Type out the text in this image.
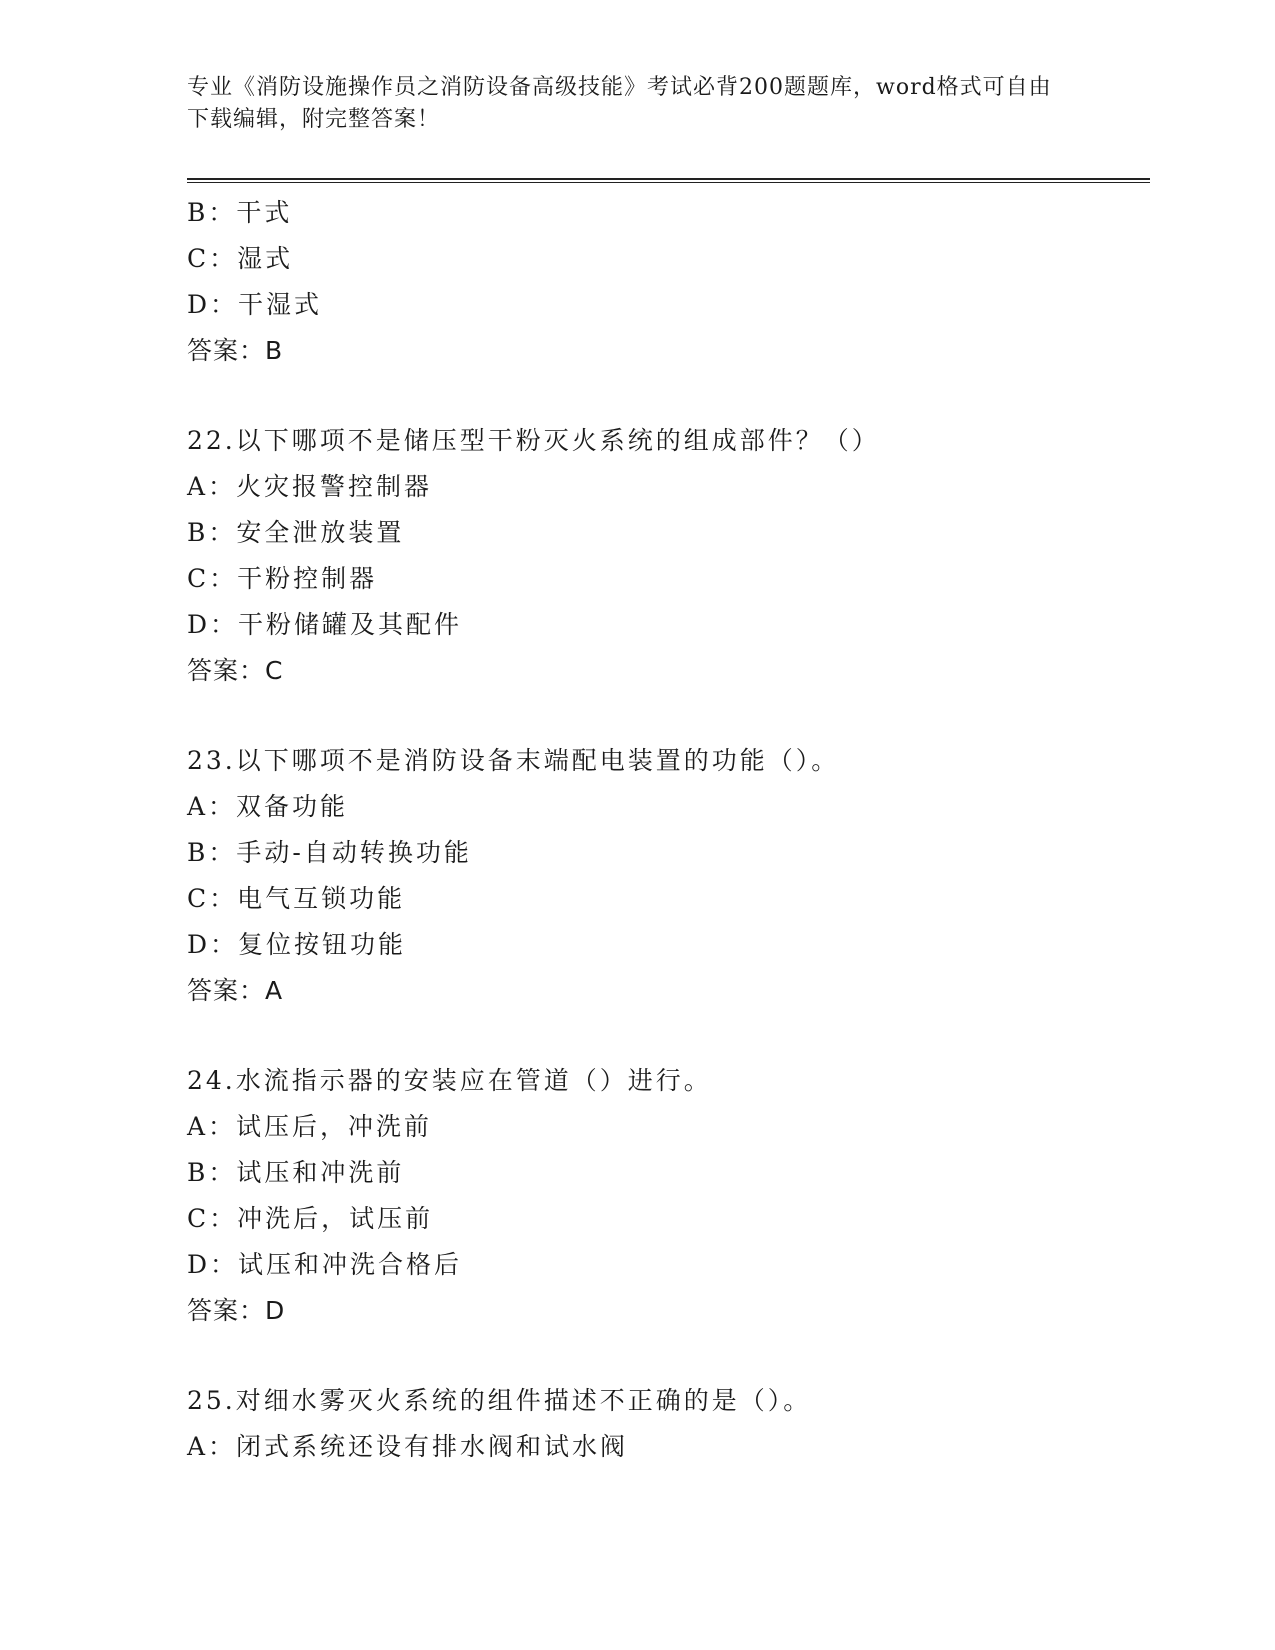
专业《消防设施操作员之消防设备高级技能》考试必背200题题库，word格式可自由下载编辑，附完整答案！
B：干式
C：湿式
D：干湿式
答案：B
22.以下哪项不是储压型干粉灭火系统的组成部件？（）
A：火灾报警控制器
B：安全泄放装置
C：干粉控制器
D：干粉储罐及其配件
答案：C
23.以下哪项不是消防设备末端配电装置的功能（）。
A：双备功能
B：手动-自动转换功能
C：电气互锁功能
D：复位按钮功能
答案：A
24.水流指示器的安装应在管道（）进行。
A：试压后，冲洗前
B：试压和冲洗前
C：冲洗后，试压前
D：试压和冲洗合格后
答案：D
25.对细水雾灭火系统的组件描述不正确的是（）。
A：闭式系统还设有排水阀和试水阀
